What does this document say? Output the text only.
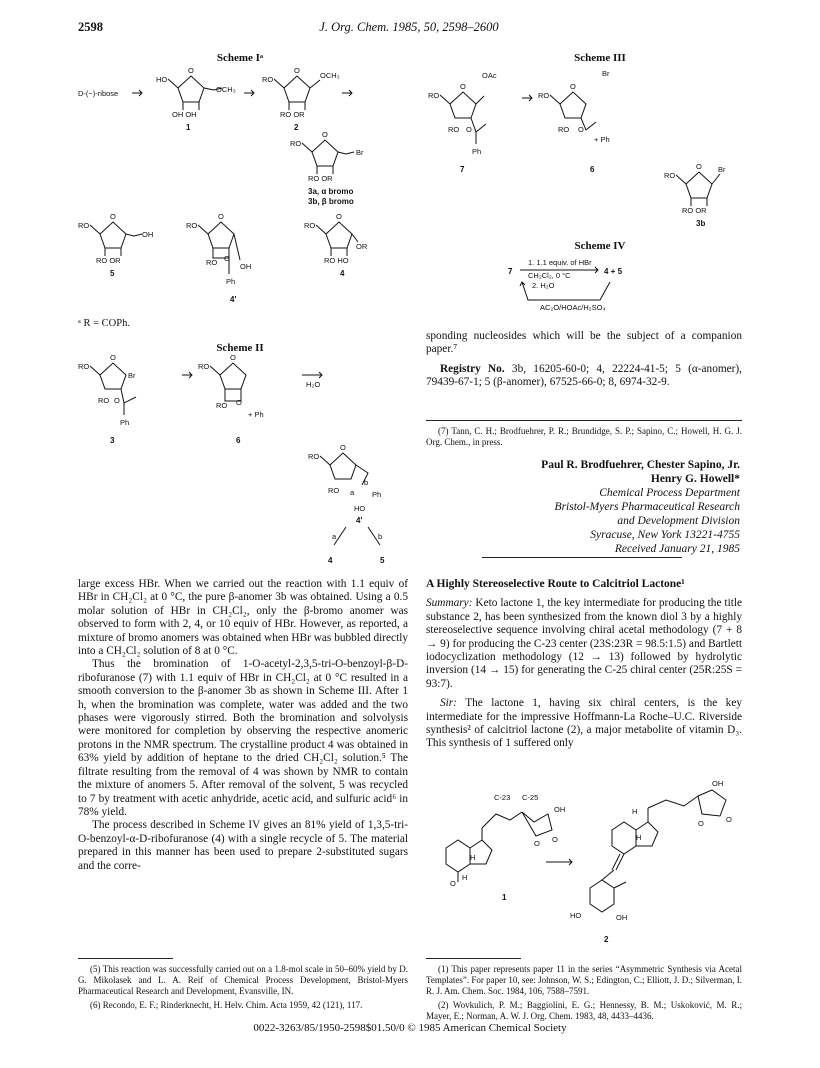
2598	J. Org. Chem. 1985, 50, 2598–2600
Scheme Iᵃ
D-(−)-ribose
HO
O
OCH₃
OH OH
1
RO
O
OCH₃
RO OR
2
RO
O
Br
RO OR
3a, α bromo
3b, β bromo
RO
O
OH
RO OR
5
RO
O
RO O
OH
Ph
4'
RO
O
OR
RO HO
4
ᵃ R = COPh.
Scheme II
RO
O
Br
RO O
Ph
3
RO
O
RO O
+ Ph
6
H₂O
RO
O
RO
b
a Ph
HO
4'
a	b
4	5
Scheme III
RO
O
OAc
RO O
Ph
7
RO
O
Br
RO O
+ Ph
6
RO
O Br
RO OR
3b
Scheme IV
7
1. 1.1 equiv. of HBr
CH₂Cl₂, 0 °C
2. H₂O
4 + 5
AC₂O/HOAc/H₂SO₄

large excess HBr. When we carried out the reaction with 1.1 equiv of HBr in CH₂Cl₂ at 0 °C, the pure β-anomer 3b was obtained. Using a 0.5 molar solution of HBr in CH₂Cl₂, only the β-bromo anomer was observed to form with 2, 4, or 10 equiv of HBr. However, as reported, a mixture of bromo anomers was obtained when HBr was bubbled directly into a CH₂Cl₂ solution of 8 at 0 °C.

Thus the bromination of 1-O-acetyl-2,3,5-tri-O-benzoyl-β-D-ribofuranose (7) with 1.1 equiv of HBr in CH₂Cl₂ at 0 °C resulted in a smooth conversion to the β-anomer 3b as shown in Scheme III. After 1 h, when the bromination was complete, water was added and the two phases were vigorously stirred. Both the bromination and solvolysis were monitored for completion by observing the respective anomeric protons in the NMR spectrum. The crystalline product 4 was obtained in 63% yield by addition of heptane to the dried CH₂Cl₂ solution.⁵ The filtrate resulting from the removal of 4 was shown by NMR to contain the mixture of anomers 5. After removal of the solvent, 5 was recycled to 7 by treatment with acetic anhydride, acetic acid, and sulfuric acid⁶ in 78% yield.

The process described in Scheme IV gives an 81% yield of 1,3,5-tri-O-benzoyl-α-D-ribofuranose (4) with a single recycle of 5. The material prepared in this manner has been used to prepare 2-substituted sugars and the corre-

(5) This reaction was successfully carried out on a 1.8-mol scale in 50–60% yield by D. G. Mikolasek and L. A. Reif of Chemical Process Development, Bristol-Myers Pharmaceutical Research and Development, Evansville, IN.

(6) Recondo, E. F.; Rinderknecht, H. Helv. Chim. Acta 1959, 42 (121), 117.

sponding nucleosides which will be the subject of a companion paper.⁷

Registry No. 3b, 16205-60-0; 4, 22224-41-5; 5 (α-anomer), 79439-67-1; 5 (β-anomer), 67525-66-0; 8, 6974-32-9.

(7) Tann, C. H.; Brodfuehrer, P. R.; Brundidge, S. P.; Sapino, C.; Howell, H. G. J. Org. Chem., in press.

Paul R. Brodfuehrer, Chester Sapino, Jr.
Henry G. Howell*
Chemical Process Department
Bristol-Myers Pharmaceutical Research
and Development Division
Syracuse, New York 13221-4755
Received January 21, 1985
A Highly Stereoselective Route to Calcitriol Lactone¹

Summary: Keto lactone 1, the key intermediate for producing the title substance 2, has been synthesized from the known diol 3 by a highly stereoselective sequence involving chiral acetal methodology (7 + 8 → 9) for producing the C-23 center (23S:23R = 98.5:1.5) and Bartlett iodocyclization methodology (12 → 13) followed by hydrolytic inversion (14 → 15) for generating the C-25 chiral center (25R:25S = 93:7).

Sir: The lactone 1, having six chiral centers, is the key intermediate for the impressive Hoffmann-La Roche–U.C. Riverside synthesis² of calcitriol lactone (2), a major metabolite of vitamin D₃. This synthesis of 1 suffered only

C-23 C-25
OH
O O
H
O
H
1
OH
O	O
H
H
HO	OH
2

(1) This paper represents paper 11 in the series “Asymmetric Synthesis via Acetal Templates”. For paper 10, see: Johnson, W. S.; Edington, C.; Elliott, J. D.; Silverman, I. R. J. Am. Chem. Soc. 1984, 106, 7588–7591.

(2) Wovkulich, P. M.; Baggiolini, E. G.; Hennessy, B. M.; Uskoković, M. R.; Mayer, E.; Norman, A. W. J. Org. Chem. 1983, 48, 4433–4436.

0022-3263/85/1950-2598$01.50/0 © 1985 American Chemical Society
